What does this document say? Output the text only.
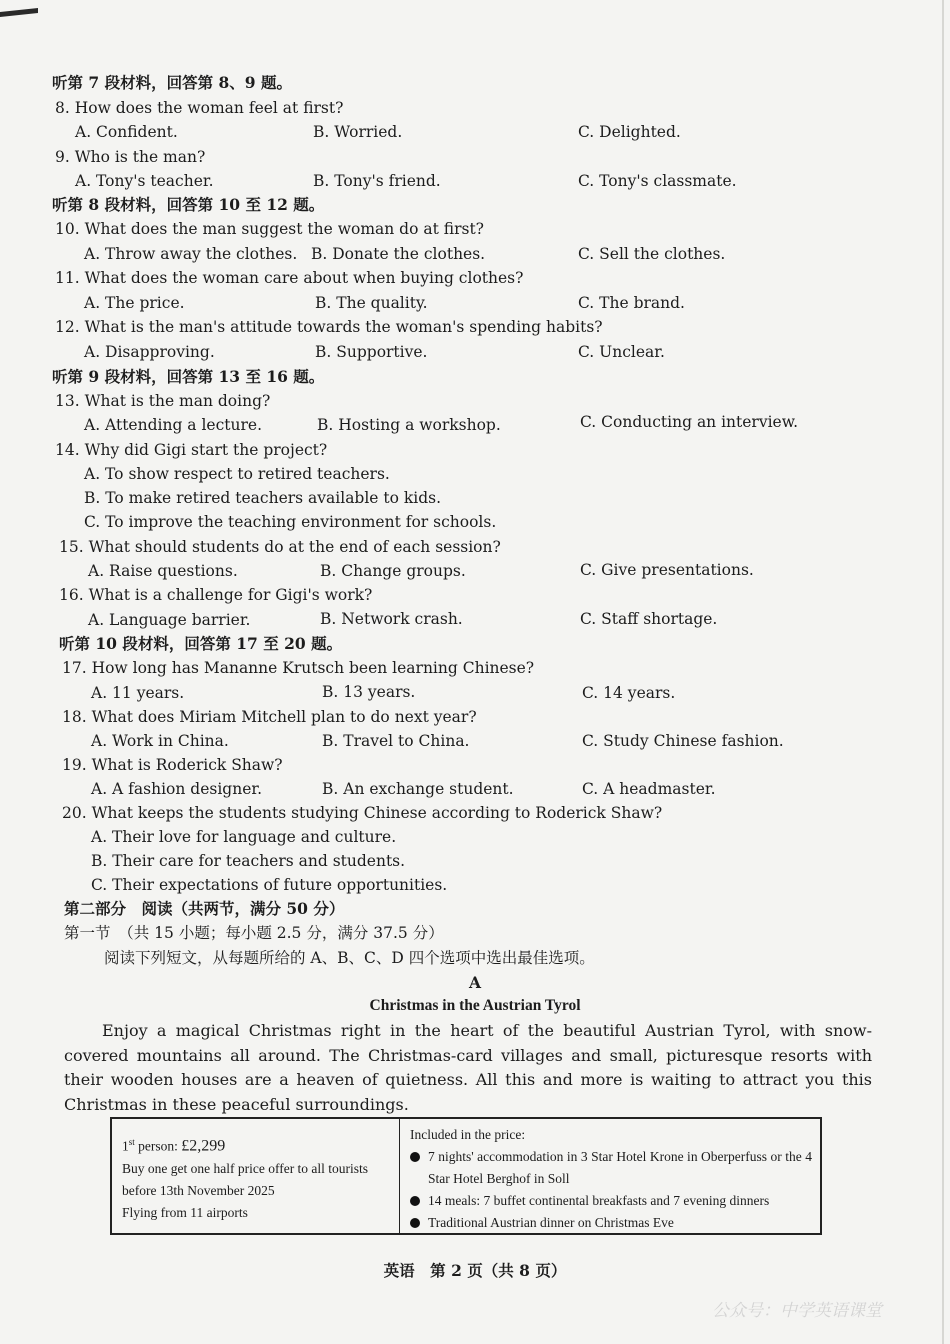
听第 7 段材料，回答第 8、9 题。
8. How does the woman feel at first?
A. Confident.	B. Worried.	C. Delighted.
9. Who is the man?
A. Tony's teacher.	B. Tony's friend.	C. Tony's classmate.
听第 8 段材料，回答第 10 至 12 题。
10. What does the man suggest the woman do at first?
A. Throw away the clothes. B. Donate the clothes.	C. Sell the clothes.
11. What does the woman care about when buying clothes?
A. The price.	B. The quality.	C. The brand.
12. What is the man's attitude towards the woman's spending habits?
A. Disapproving.	B. Supportive.	C. Unclear.
听第 9 段材料，回答第 13 至 16 题。
13. What is the man doing?
A. Attending a lecture.	B. Hosting a workshop.	C. Conducting an interview.
14. Why did Gigi start the project?
A. To show respect to retired teachers.
B. To make retired teachers available to kids.
C. To improve the teaching environment for schools.
15. What should students do at the end of each session?
A. Raise questions.	B. Change groups.	C. Give presentations.
16. What is a challenge for Gigi's work?
A. Language barrier.	B. Network crash.	C. Staff shortage.
听第 10 段材料，回答第 17 至 20 题。
17. How long has Mananne Krutsch been learning Chinese?
A. 11 years.	B. 13 years.	C. 14 years.
18. What does Miriam Mitchell plan to do next year?
A. Work in China.	B. Travel to China.	C. Study Chinese fashion.
19. What is Roderick Shaw?
A. A fashion designer.	B. An exchange student.	C. A headmaster.
20. What keeps the students studying Chinese according to Roderick Shaw?
A. Their love for language and culture.
B. Their care for teachers and students.
C. Their expectations of future opportunities.
第二部分　阅读（共两节，满分 50 分）
第一节　（共 15 小题；每小题 2.5 分，满分 37.5 分）
阅读下列短文，从每题所给的 A、B、C、D 四个选项中选出最佳选项。
A
Christmas in the Austrian Tyrol
Enjoy a magical Christmas right in the heart of the beautiful Austrian Tyrol, with snow-covered mountains all around. The Christmas-card villages and small, picturesque resorts with their wooden houses are a heaven of quietness. All this and more is waiting to attract you this Christmas in these peaceful surroundings.
1st person: £2,299
Buy one get one half price offer to all tourists before 13th November 2025
Flying from 11 airports
Included in the price:
7 nights' accommodation in 3 Star Hotel Krone in Oberperfuss or the 4 Star Hotel Berghof in Soll
14 meals: 7 buffet continental breakfasts and 7 evening dinners
Traditional Austrian dinner on Christmas Eve
英语　第 2 页（共 8 页）
公众号：中学英语课堂
